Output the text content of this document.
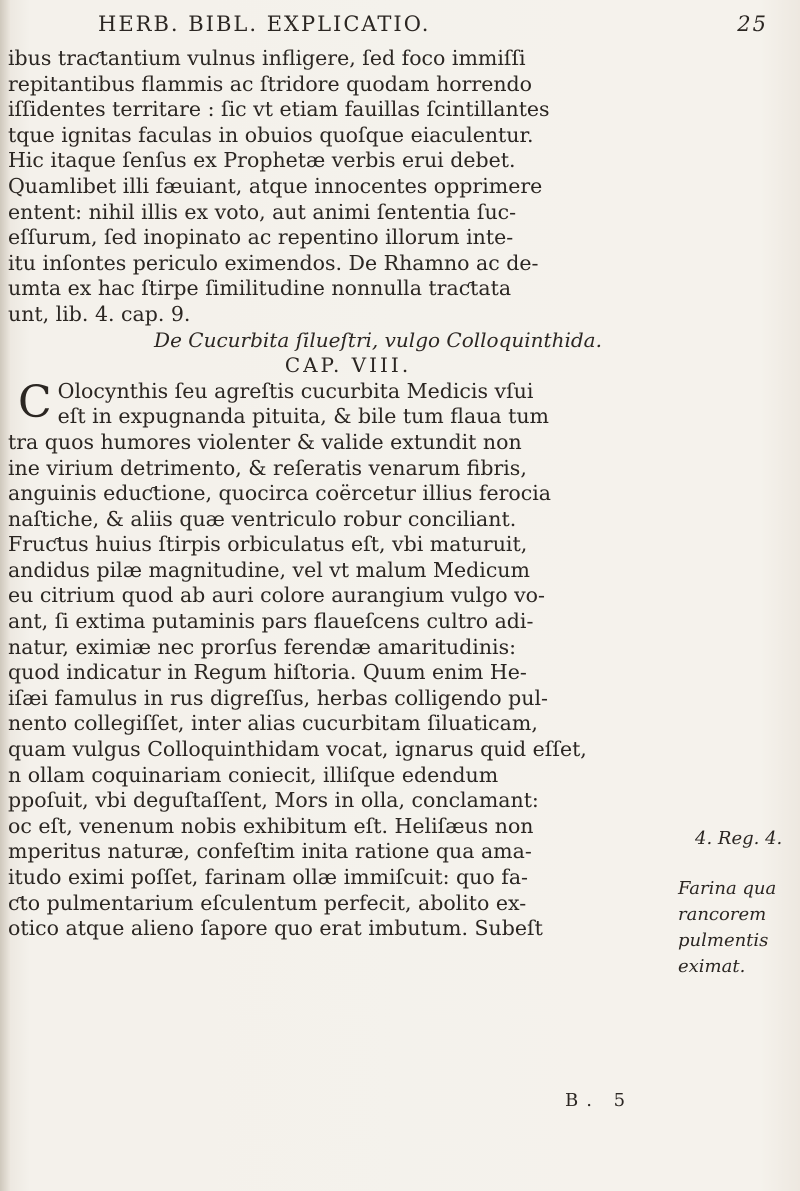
HERB. BIBL. EXPLICATIO.	25
ibus traƈtantium vulnus infligere, ſed foco immiſſi
repitantibus flammis ac ſtridore quodam horrendo
iſſidentes territare : ſic vt etiam fauillas ſcintillantes
tque ignitas faculas in obuios quoſque eiaculentur.
Hic itaque ſenſus ex Prophetæ verbis erui debet.
Quamlibet illi fæuiant, atque innocentes opprimere
entent: nihil illis ex voto, aut animi ſententia ſuc-
eſſurum, ſed inopinato ac repentino illorum inte-
itu inſontes periculo eximendos. De Rhamno ac de-
umta ex hac ſtirpe ſimilitudine nonnulla traƈtata
unt, lib. 4. cap. 9.
De Cucurbita ſilueſtri, vulgo Colloquinthida.
CAP. VIII.
C Olocynthis ſeu agreſtis cucurbita Medicis vſui
eſt in expugnanda pituita, & bile tum flaua tum
tra quos humores violenter & valide extundit non
ine virium detrimento, & reſeratis venarum fibris,
anguinis eduƈtione, quocirca coërcetur illius ferocia
naſtiche, & aliis quæ ventriculo robur conciliant.
Fruƈtus huius ſtirpis orbiculatus eſt, vbi maturuit,
andidus pilæ magnitudine, vel vt malum Medicum
eu citrium quod ab auri colore aurangium vulgo vo-
ant, ſi extima putaminis pars flaueſcens cultro adi-
natur, eximiæ nec prorſus ferendæ amaritudinis:
quod indicatur in Regum hiſtoria. Quum enim He-
iſæi famulus in rus digreſſus, herbas colligendo pul-
nento collegiſſet, inter alias cucurbitam ſiluaticam,
quam vulgus Colloquinthidam vocat, ignarus quid eſſet,
n ollam coquinariam coniecit, illiſque edendum
ppoſuit, vbi deguſtaſſent, Mors in olla, conclamant:
oc eſt, venenum nobis exhibitum eſt. Heliſæus non
mperitus naturæ, confeſtim inita ratione qua ama-
itudo eximi poſſet, farinam ollæ immiſcuit: quo fa-
ƈto pulmentarium eſculentum perfecit, abolito ex-
otico atque alieno ſapore quo erat imbutum. Subeſt
4. Reg. 4.
Farina qua
rancorem
pulmentis
eximat.
B. 5
